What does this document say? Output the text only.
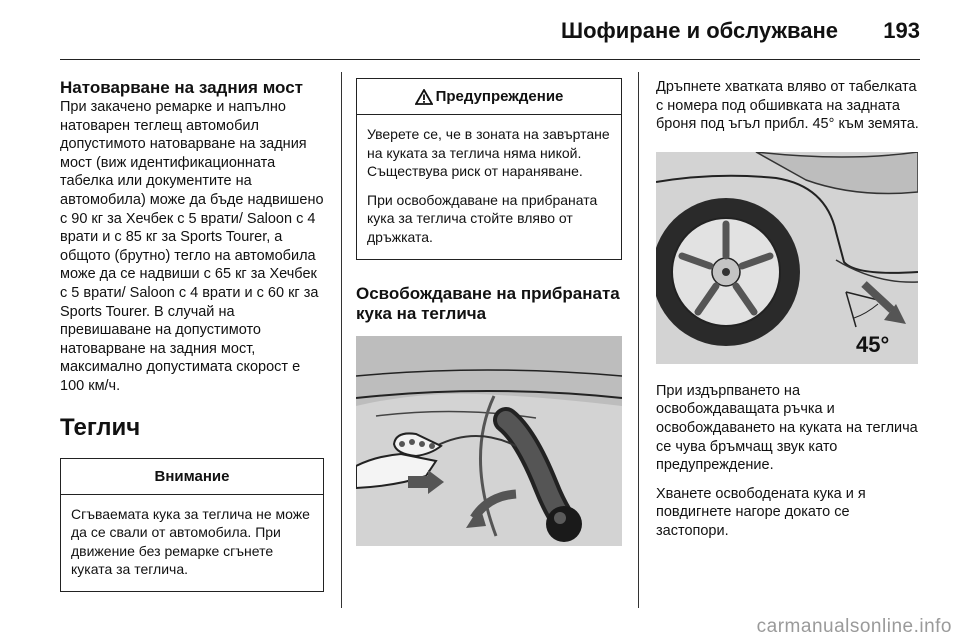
Шофиране и обслужване 193
Натоварване на задния мост

При закачено ремарке и напълно натоварен теглещ автомобил допустимото натоварване на задния мост (виж идентификационната табелка или документите на автомобила) може да бъде надвишено с 90 кг за Хечбек с 5 врати/ Saloon с 4 врати и с 85 кг за Sports Tourer, а общото (брутно) тегло на автомобила може да се надвиши с 65 кг за Хечбек с 5 врати/ Saloon с 4 врати и с 60 кг за Sports Tourer. В случай на превишаване на допустимото натоварване на задния мост, максимално допустимата скорост е 100 км/ч.

Теглич
Внимание

Сгъваемата кука за теглича не може да се свали от автомобила. При движение без ремарке сгънете куката за теглича.

Предупреждение

Уверете се, че в зоната на завъртане на куката за теглича няма никой. Съществува риск от нараняване.

При освобождаване на прибраната кука за теглича стойте вляво от дръжката.

Освобождаване на прибраната кука на теглича

Дръпнете хватката вляво от табелката с номера под обшивката на задната броня под ъгъл прибл. 45° към земята.

45°

При издърпването на освобождаващата ръчка и освобождаването на куката на теглича се чува бръмчащ звук като предупреждение.

Хванете освободената кука и я повдигнете нагоре докато се застопори.

carmanualsonline.info
